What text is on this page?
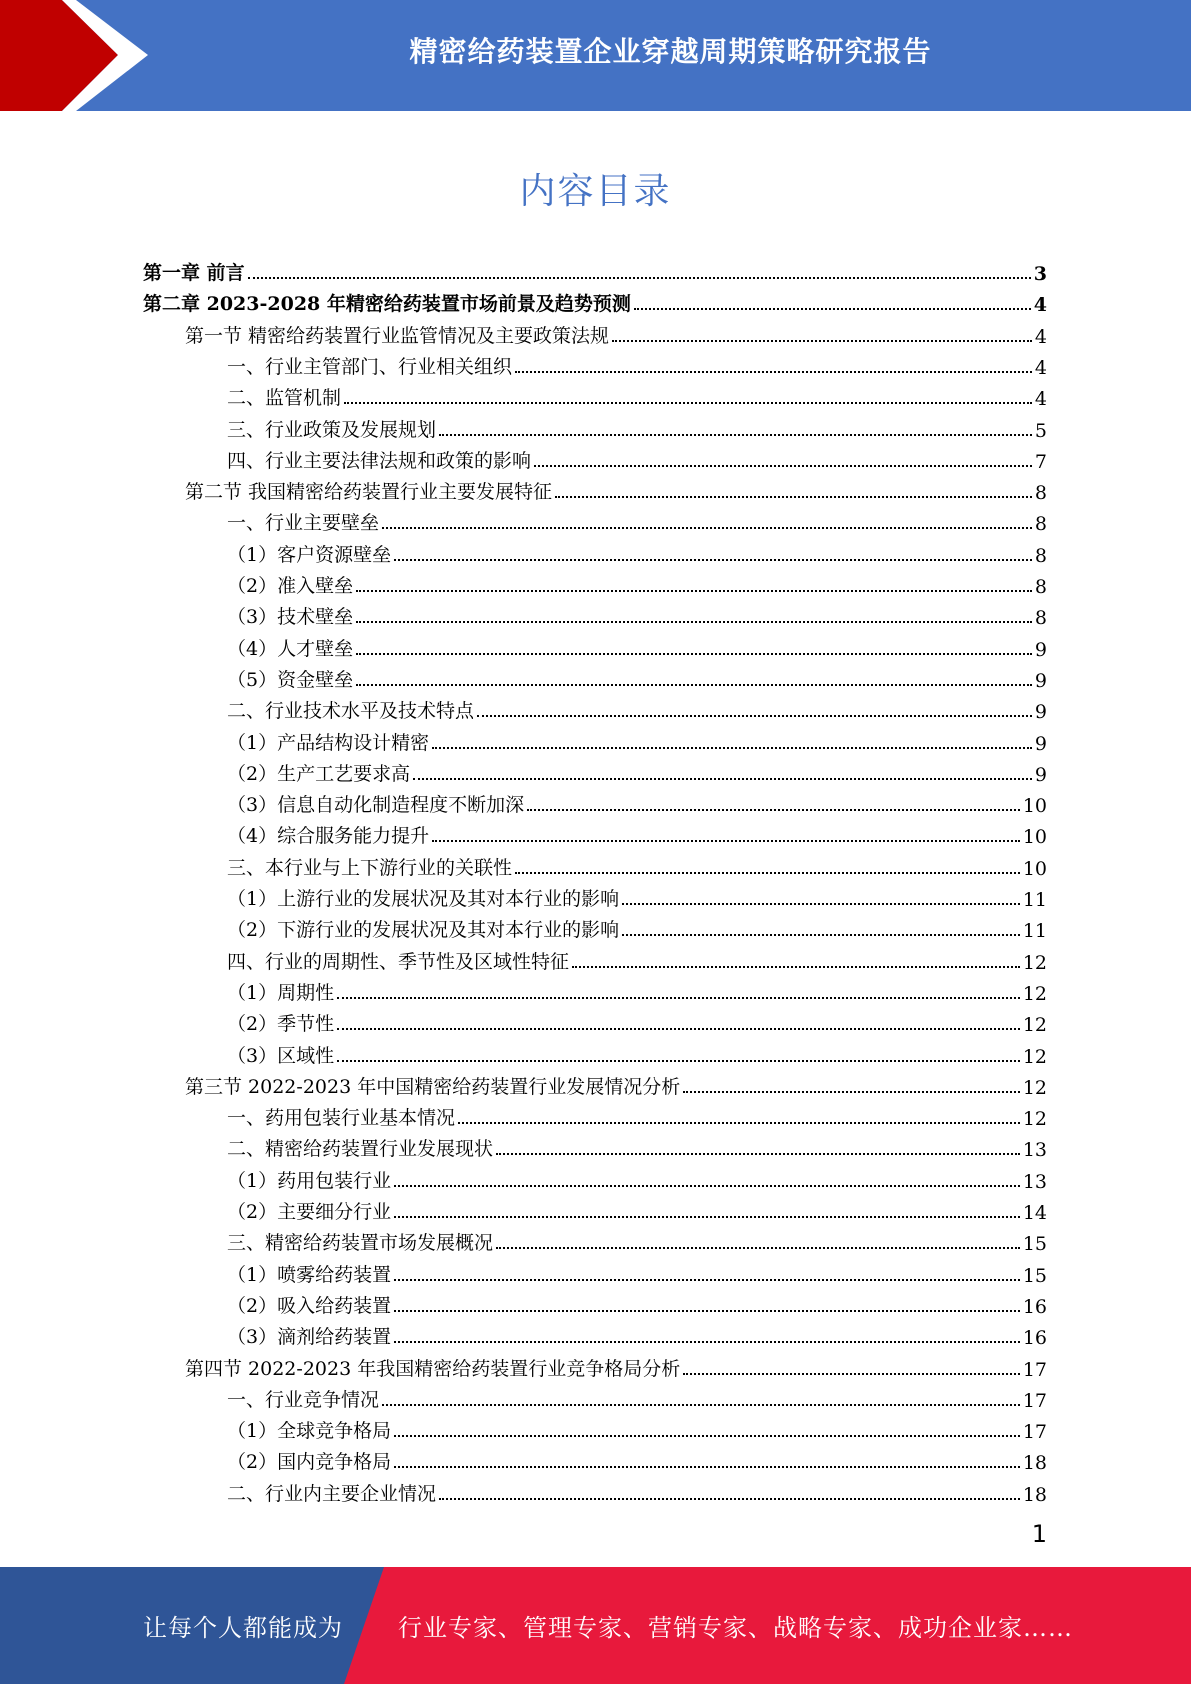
精密给药装置企业穿越周期策略研究报告
内容目录
第一章 前言	3
第二章 2023-2028 年精密给药装置市场前景及趋势预测	4
第一节 精密给药装置行业监管情况及主要政策法规	4
一、行业主管部门、行业相关组织	4
二、监管机制	4
三、行业政策及发展规划	5
四、行业主要法律法规和政策的影响	7
第二节 我国精密给药装置行业主要发展特征	8
一、行业主要壁垒	8
（1）客户资源壁垒	8
（2）准入壁垒	8
（3）技术壁垒	8
（4）人才壁垒	9
（5）资金壁垒	9
二、行业技术水平及技术特点	9
（1）产品结构设计精密	9
（2）生产工艺要求高	9
（3）信息自动化制造程度不断加深	10
（4）综合服务能力提升	10
三、本行业与上下游行业的关联性	10
（1）上游行业的发展状况及其对本行业的影响	11
（2）下游行业的发展状况及其对本行业的影响	11
四、行业的周期性、季节性及区域性特征	12
（1）周期性	12
（2）季节性	12
（3）区域性	12
第三节 2022-2023 年中国精密给药装置行业发展情况分析	12
一、药用包装行业基本情况	12
二、精密给药装置行业发展现状	13
（1）药用包装行业	13
（2）主要细分行业	14
三、精密给药装置市场发展概况	15
（1）喷雾给药装置	15
（2）吸入给药装置	16
（3）滴剂给药装置	16
第四节 2022-2023 年我国精密给药装置行业竞争格局分析	17
一、行业竞争情况	17
（1）全球竞争格局	17
（2）国内竞争格局	18
二、行业内主要企业情况	18
1
让每个人都能成为 行业专家、管理专家、营销专家、战略专家、成功企业家……
